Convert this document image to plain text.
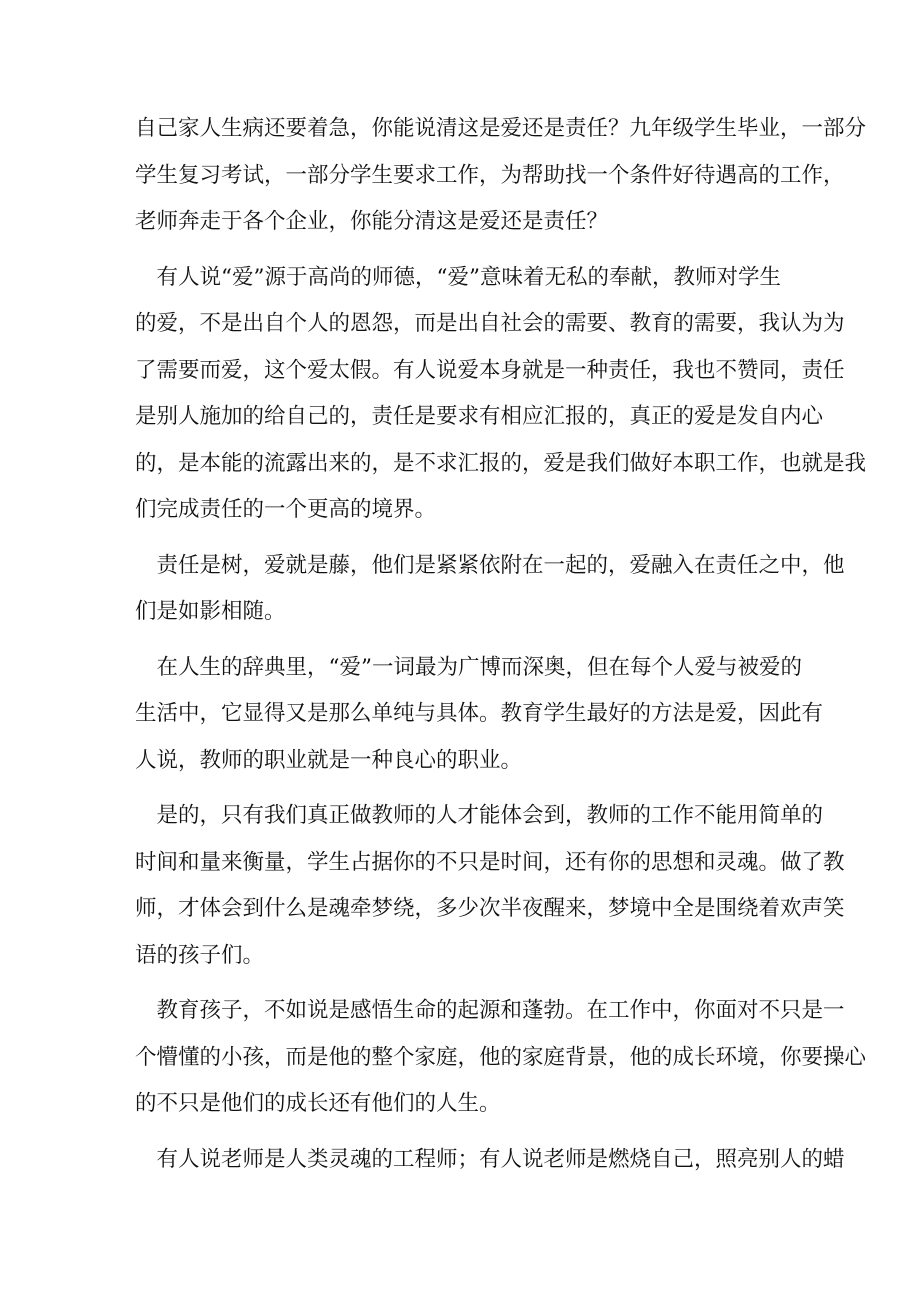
自己家人生病还要着急，你能说清这是爱还是责任？九年级学生毕业，一部分
学生复习考试，一部分学生要求工作，为帮助找一个条件好待遇高的工作，
老师奔走于各个企业，你能分清这是爱还是责任？
　有人说“爱”源于高尚的师德，“爱”意味着无私的奉献，教师对学生
的爱，不是出自个人的恩怨，而是出自社会的需要、教育的需要，我认为为
了需要而爱，这个爱太假。有人说爱本身就是一种责任，我也不赞同，责任
是别人施加的给自己的，责任是要求有相应汇报的，真正的爱是发自内心
的，是本能的流露出来的，是不求汇报的，爱是我们做好本职工作，也就是我
们完成责任的一个更高的境界。
　责任是树，爱就是藤，他们是紧紧依附在一起的，爱融入在责任之中，他
们是如影相随。
　在人生的辞典里，“爱”一词最为广博而深奥，但在每个人爱与被爱的
生活中，它显得又是那么单纯与具体。教育学生最好的方法是爱，因此有
人说，教师的职业就是一种良心的职业。
　是的，只有我们真正做教师的人才能体会到，教师的工作不能用简单的
时间和量来衡量，学生占据你的不只是时间，还有你的思想和灵魂。做了教
师，才体会到什么是魂牵梦绕，多少次半夜醒来，梦境中全是围绕着欢声笑
语的孩子们。
　教育孩子，不如说是感悟生命的起源和蓬勃。在工作中，你面对不只是一
个懵懂的小孩，而是他的整个家庭，他的家庭背景，他的成长环境，你要操心
的不只是他们的成长还有他们的人生。
　有人说老师是人类灵魂的工程师；有人说老师是燃烧自己，照亮别人的蜡
